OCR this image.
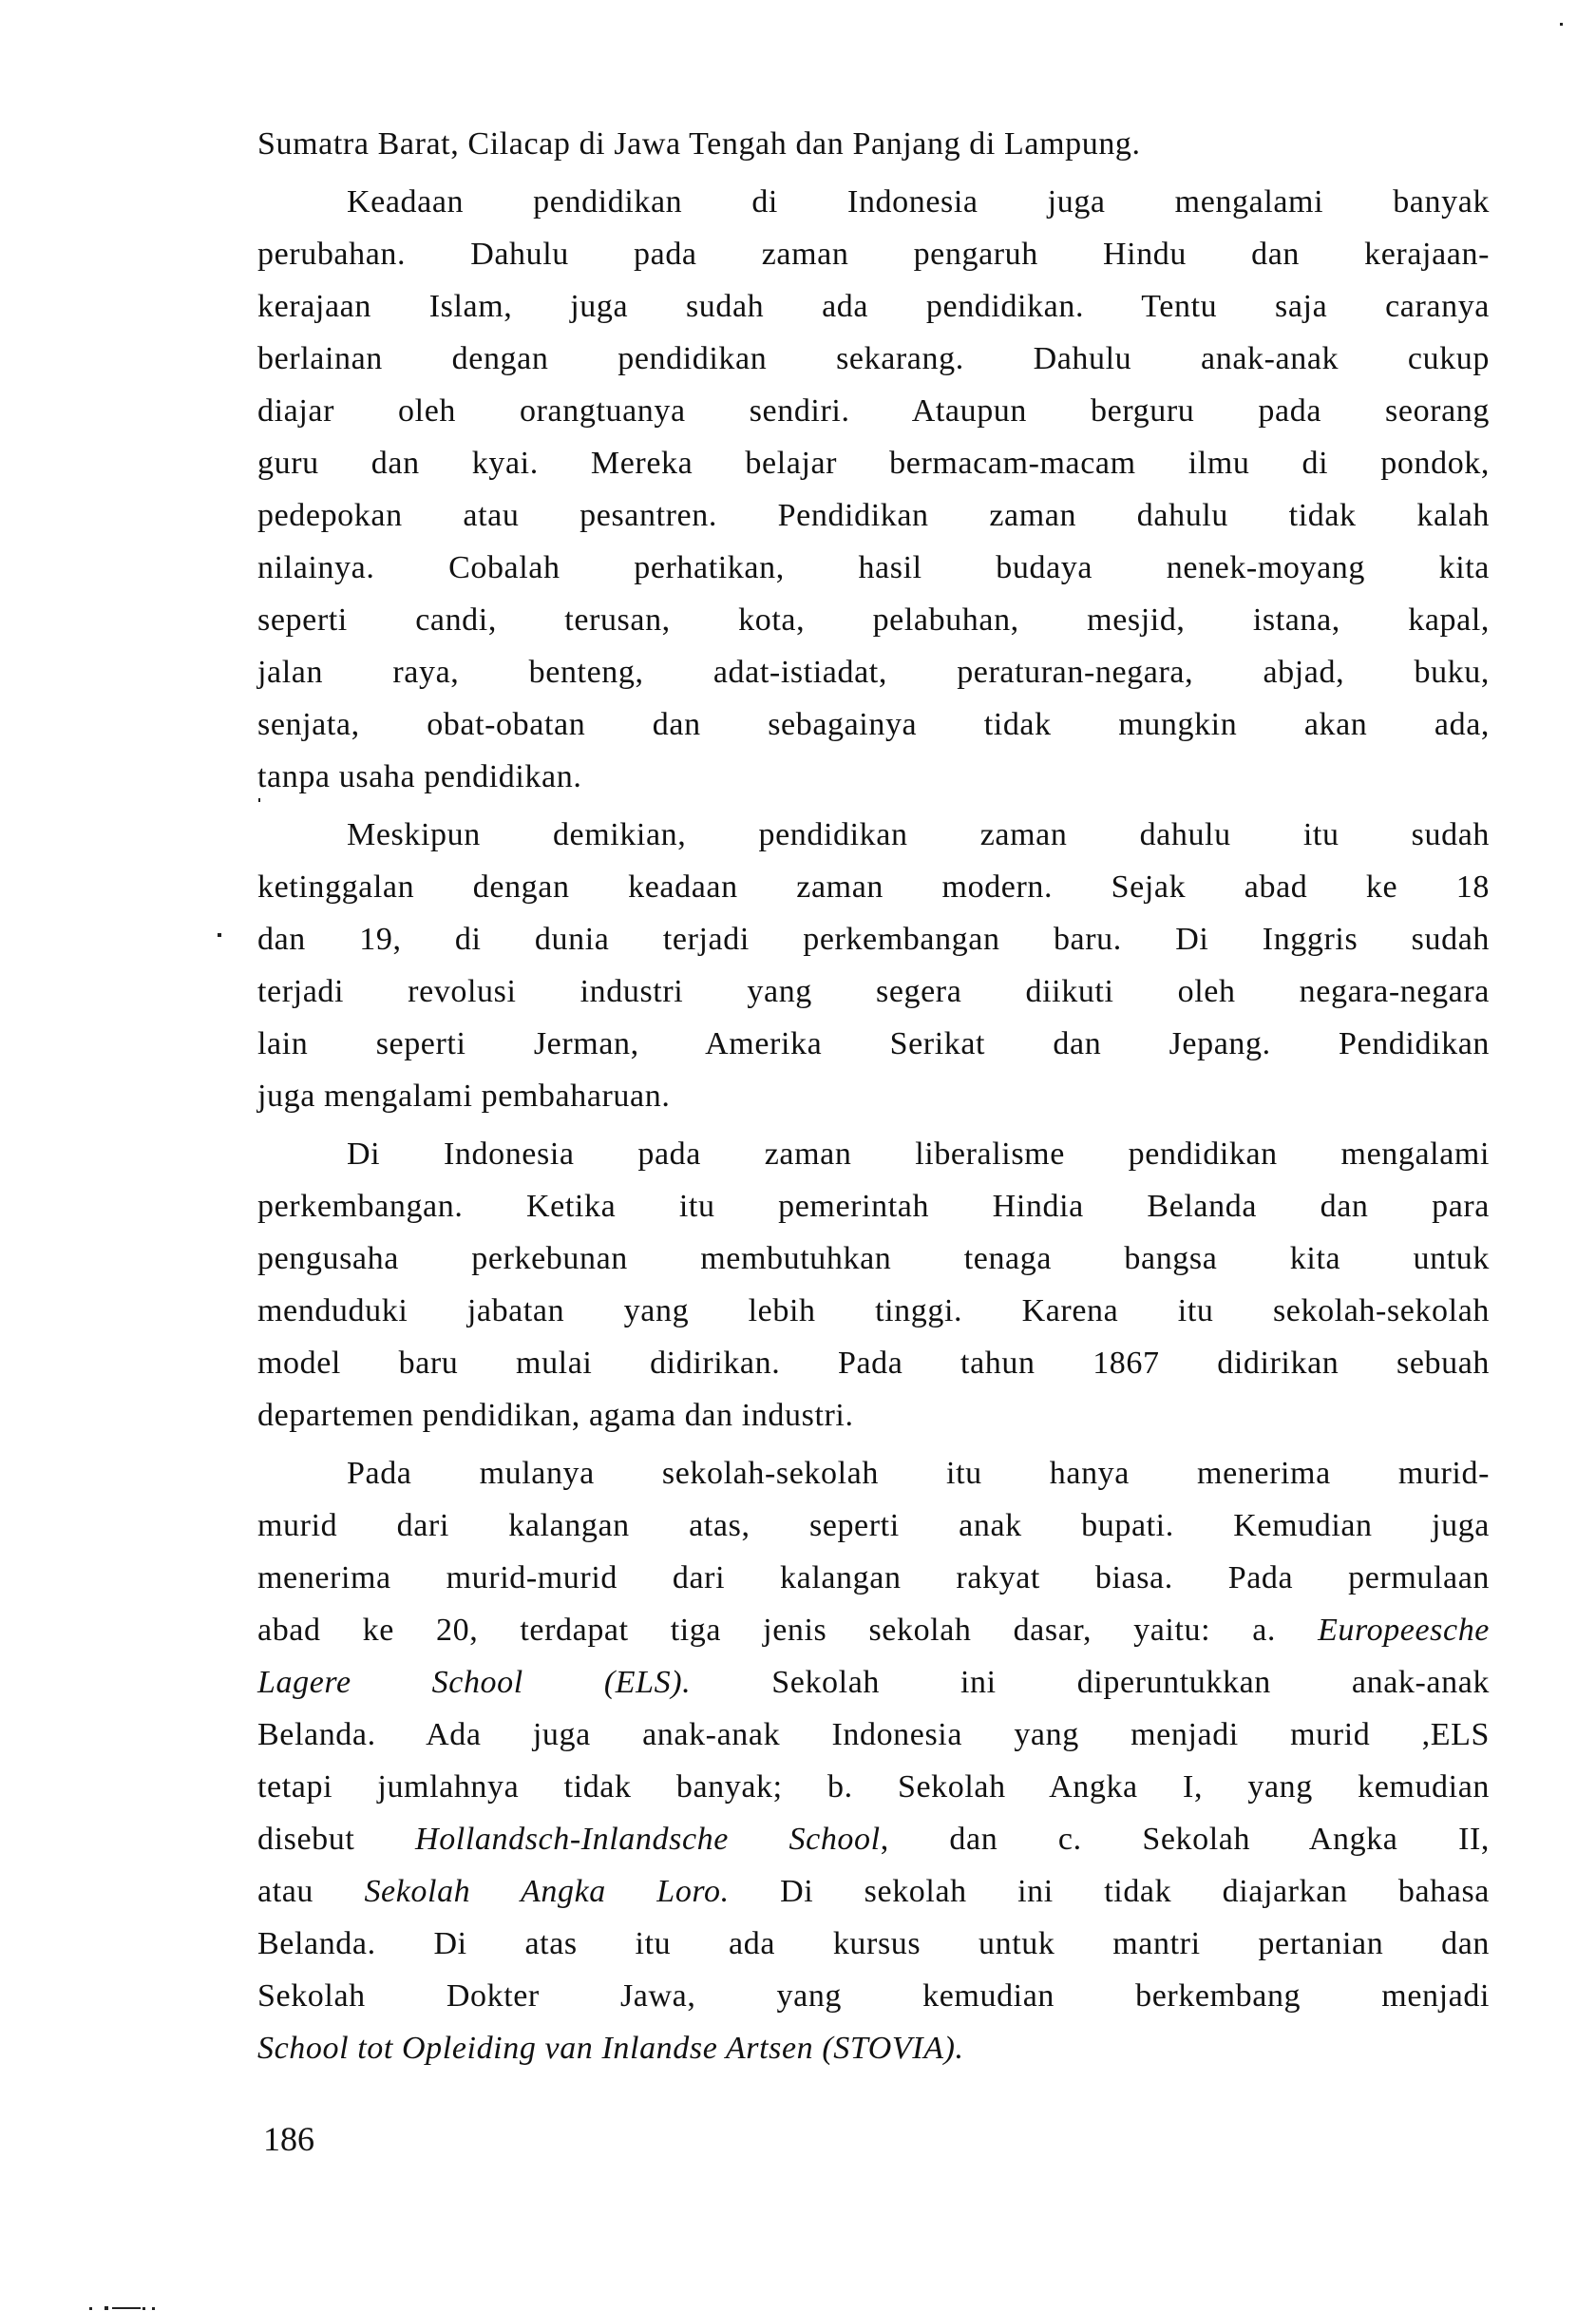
Sumatra Barat, Cilacap di Jawa Tengah dan Panjang di Lampung.
Keadaan pendidikan di Indonesia juga mengalami banyak
perubahan. Dahulu pada zaman pengaruh Hindu dan kerajaan-
kerajaan Islam, juga sudah ada pendidikan. Tentu saja caranya
berlainan dengan pendidikan sekarang. Dahulu anak-anak cukup
diajar oleh orangtuanya sendiri. Ataupun berguru pada seorang
guru dan kyai. Mereka belajar bermacam-macam ilmu di pondok,
pedepokan atau pesantren. Pendidikan zaman dahulu tidak kalah
nilainya. Cobalah perhatikan, hasil budaya nenek-moyang kita
seperti candi, terusan, kota, pelabuhan, mesjid, istana, kapal,
jalan raya, benteng, adat-istiadat, peraturan-negara, abjad, buku,
senjata, obat-obatan dan sebagainya tidak mungkin akan ada,
tanpa usaha pendidikan.
Meskipun demikian, pendidikan zaman dahulu itu sudah
ketinggalan dengan keadaan zaman modern. Sejak abad ke 18
dan 19, di dunia terjadi perkembangan baru. Di Inggris sudah
terjadi revolusi industri yang segera diikuti oleh negara-negara
lain seperti Jerman, Amerika Serikat dan Jepang. Pendidikan
juga mengalami pembaharuan.
Di Indonesia pada zaman liberalisme pendidikan mengalami
perkembangan. Ketika itu pemerintah Hindia Belanda dan para
pengusaha perkebunan membutuhkan tenaga bangsa kita untuk
menduduki jabatan yang lebih tinggi. Karena itu sekolah-sekolah
model baru mulai didirikan. Pada tahun 1867 didirikan sebuah
departemen pendidikan, agama dan industri.
Pada mulanya sekolah-sekolah itu hanya menerima murid-
murid dari kalangan atas, seperti anak bupati. Kemudian juga
menerima murid-murid dari kalangan rakyat biasa. Pada permulaan
abad ke 20, terdapat tiga jenis sekolah dasar, yaitu: a. Europeesche
Lagere School (ELS). Sekolah ini diperuntukkan anak-anak
Belanda. Ada juga anak-anak Indonesia yang menjadi murid ,ELS
tetapi jumlahnya tidak banyak; b. Sekolah Angka I, yang kemudian
disebut Hollandsch-Inlandsche School, dan c. Sekolah Angka II,
atau Sekolah Angka Loro. Di sekolah ini tidak diajarkan bahasa
Belanda. Di atas itu ada kursus untuk mantri pertanian dan
Sekolah Dokter Jawa, yang kemudian berkembang menjadi
School tot Opleiding van Inlandse Artsen (STOVIA).
186
